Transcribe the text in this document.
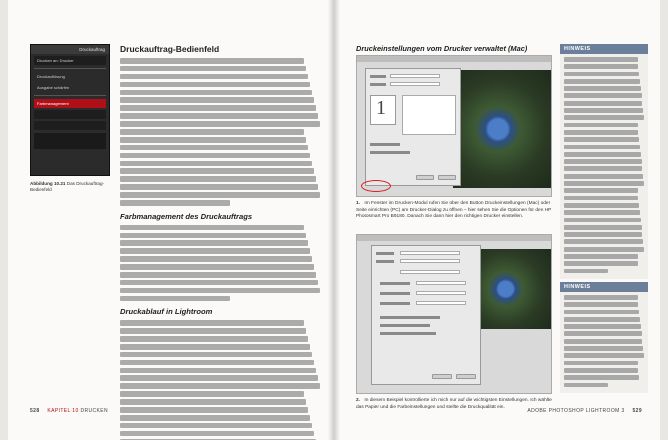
Druckauftrag
Drucken an: Drucker
Druckauflösung
Ausgabe schärfen
Farbmanagement
Abbildung 10.21 Das Druckauftrag-Bedienfeld
Druckauftrag-Bedienfeld
Farbmanagement des Druckauftrags
Druckablauf in Lightroom
528 KAPITEL 10 DRUCKEN
Druckeinstellungen vom Drucker verwaltet (Mac)
1
1. Im Fenster im Drucken-Modul rufen Sie über den Button Druckeinstellungen (Mac) oder Seite einrichten (PC) am Drucker-Dialog zu öffnen – hier sehen Sie die Optionen für den HP Photosmart Pro B9180. Danach Sie dann hier den richtigen Drucker einstellen.
2. In diesem Beispiel kontrollierte ich mich nur auf die wichtigsten Einstellungen. Ich wählte das Papier und die Farbeinstellungen und stellte die Druckqualität ein.
HINWEIS
HINWEIS
ADOBE PHOTOSHOP LIGHTROOM 3 529
